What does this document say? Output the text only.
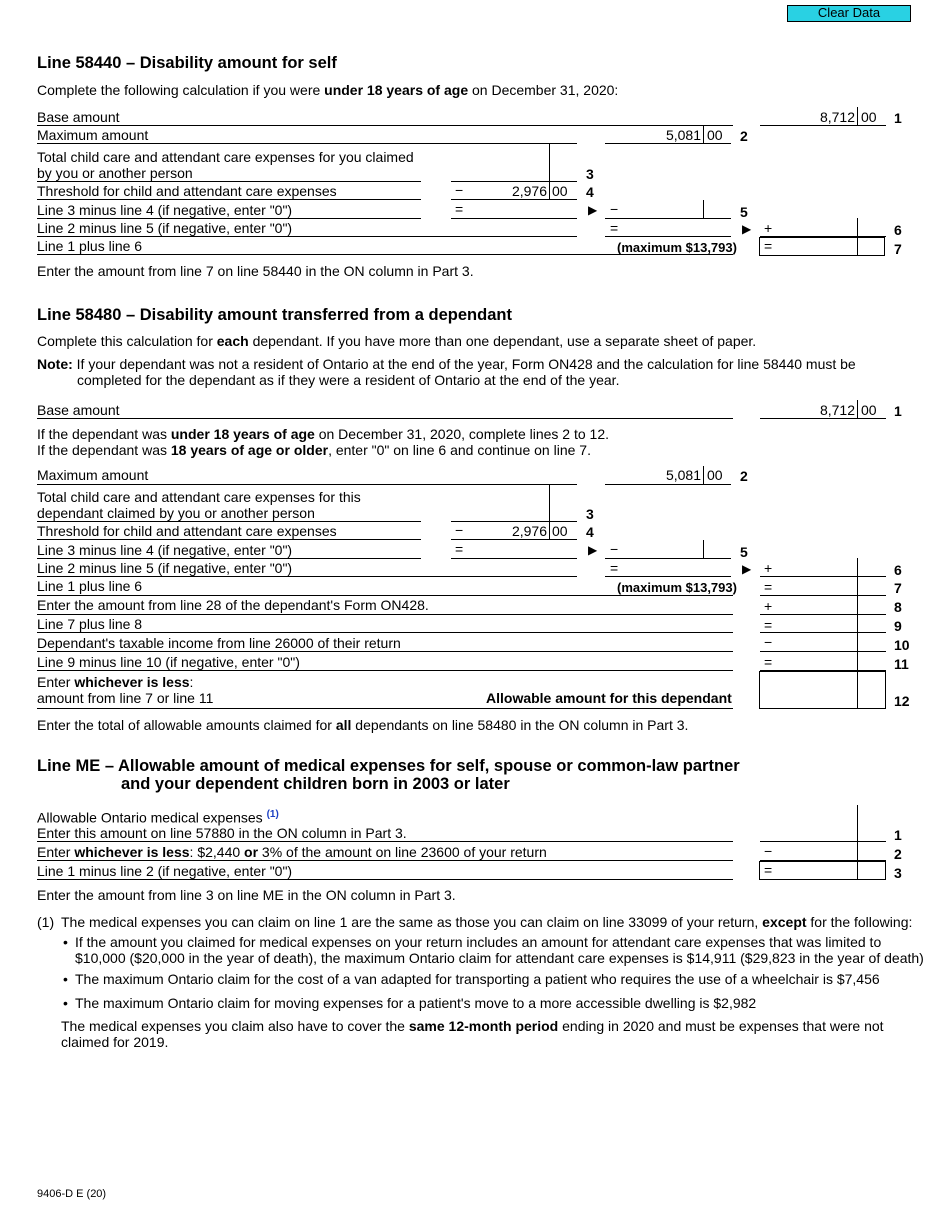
Clear Data
Line 58440 – Disability amount for self
Complete the following calculation if you were under 18 years of age on December 31, 2020:
Base amount	8,712 00 1
Maximum amount	5,081 00 2
Total child care and attendant care expenses for you claimed
by you or another person	3
Threshold for child and attendant care expenses	−	2,976 00 4
Line 3 minus line 4 (if negative, enter "0")	=	▶ −	5
Line 2 minus line 5 (if negative, enter "0")	=	▶ +	6
Line 1 plus line 6	(maximum $13,793) =	7
Enter the amount from line 7 on line 58440 in the ON column in Part 3.
Line 58480 – Disability amount transferred from a dependant
Complete this calculation for each dependant. If you have more than one dependant, use a separate sheet of paper.
Note: If your dependant was not a resident of Ontario at the end of the year, Form ON428 and the calculation for line 58440 must be
completed for the dependant as if they were a resident of Ontario at the end of the year.
Base amount	8,712 00 1
If the dependant was under 18 years of age on December 31, 2020, complete lines 2 to 12.
If the dependant was 18 years of age or older, enter "0" on line 6 and continue on line 7.
Maximum amount	5,081 00 2
Total child care and attendant care expenses for this
dependant claimed by you or another person	3
Threshold for child and attendant care expenses	−	2,976 00 4
Line 3 minus line 4 (if negative, enter "0")	=	▶ −	5
Line 2 minus line 5 (if negative, enter "0")	=	▶ +	6
Line 1 plus line 6	(maximum $13,793) =	7
Enter the amount from line 28 of the dependant's Form ON428.	+	8
Line 7 plus line 8	=	9
Dependant's taxable income from line 26000 of their return	−	10
Line 9 minus line 10 (if negative, enter "0")	=	11
Enter whichever is less:
amount from line 7 or line 11	Allowable amount for this dependant	12
Enter the total of allowable amounts claimed for all dependants on line 58480 in the ON column in Part 3.
Line ME – Allowable amount of medical expenses for self, spouse or common-law partner
and your dependent children born in 2003 or later
Allowable Ontario medical expenses $^{(1)}$
Enter this amount on line 57880 in the ON column in Part 3.	1
Enter whichever is less: $2,440 or 3% of the amount on line 23600 of your return	−	2
Line 1 minus line 2 (if negative, enter "0")	=	3
Enter the amount from line 3 on line ME in the ON column in Part 3.
(1) The medical expenses you can claim on line 1 are the same as those you can claim on line 33099 of your return, except for the following:
• If the amount you claimed for medical expenses on your return includes an amount for attendant care expenses that was limited to
$10,000 ($20,000 in the year of death), the maximum Ontario claim for attendant care expenses is $14,911 ($29,823 in the year of death)
• The maximum Ontario claim for the cost of a van adapted for transporting a patient who requires the use of a wheelchair is $7,456
• The maximum Ontario claim for moving expenses for a patient's move to a more accessible dwelling is $2,982
The medical expenses you claim also have to cover the same 12-month period ending in 2020 and must be expenses that were not
claimed for 2019.
9406-D E (20)
